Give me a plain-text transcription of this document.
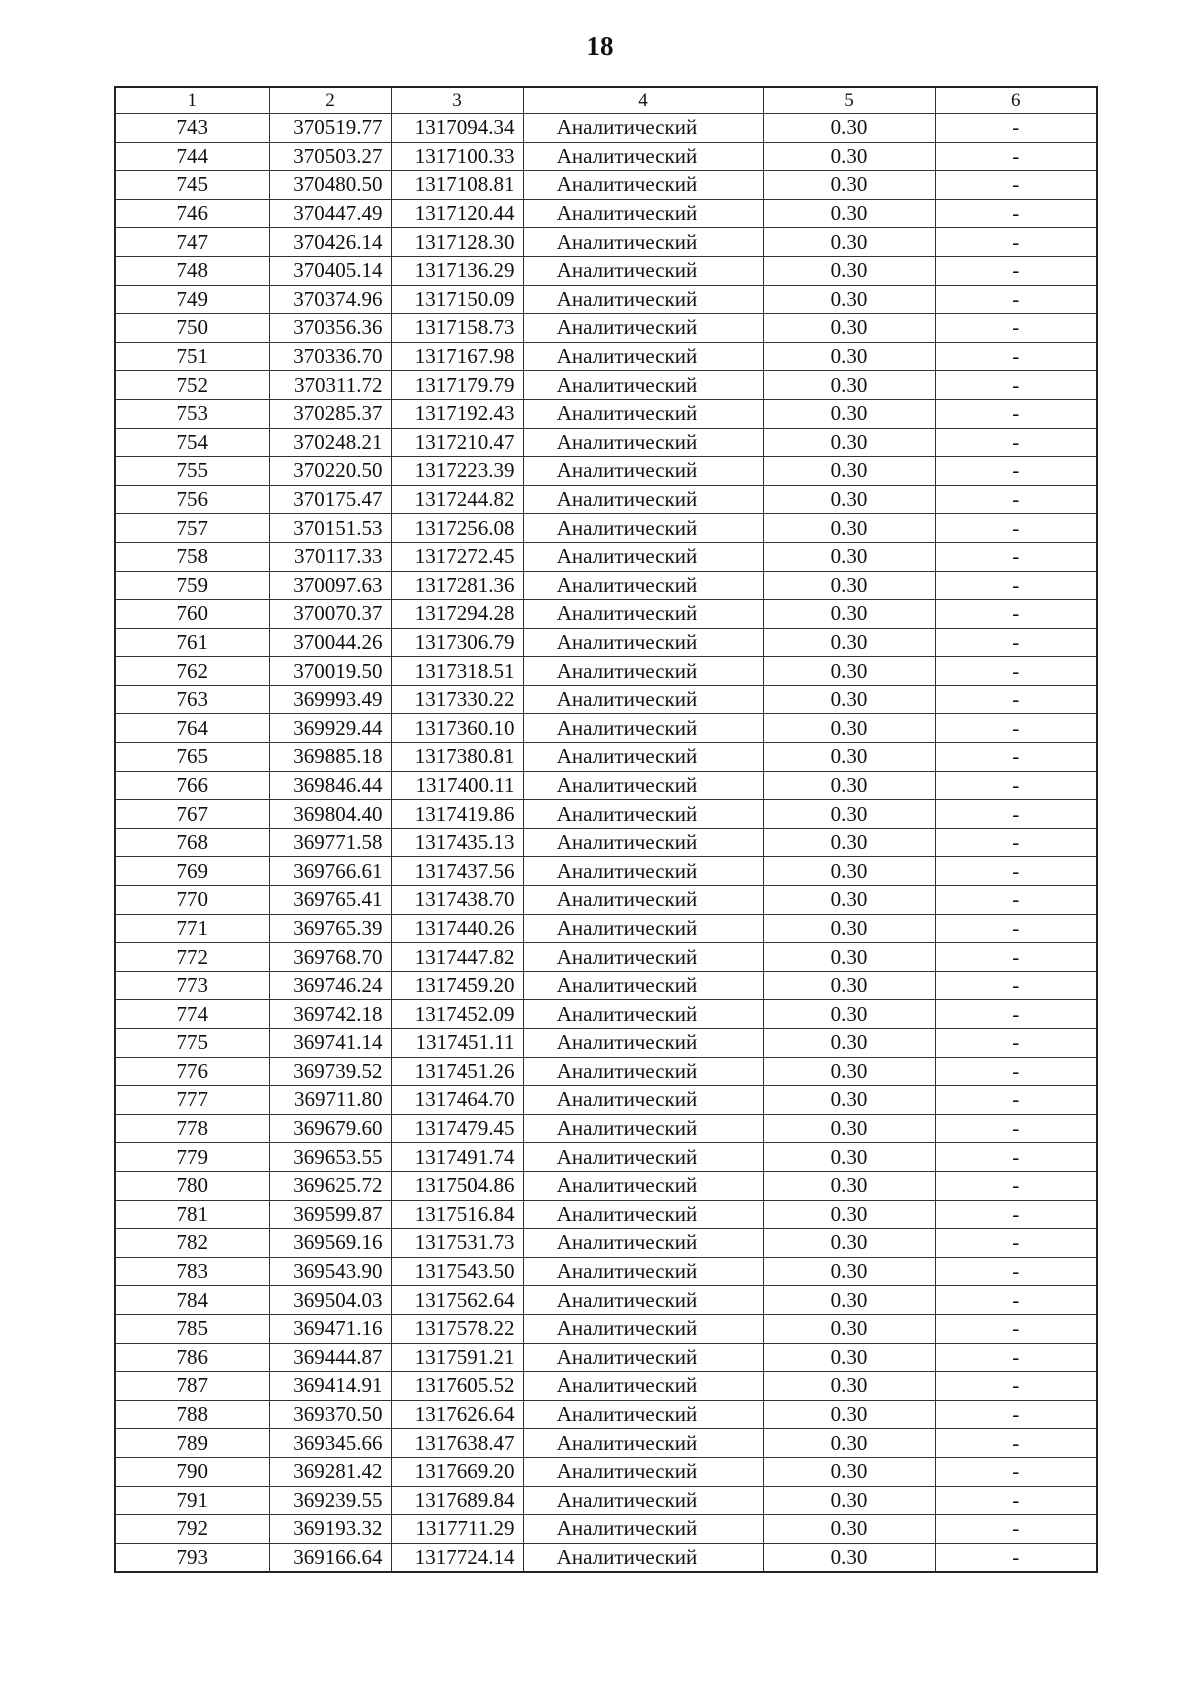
18
1	2	3	4	5	6
743	370519.77	1317094.34	Аналитический	0.30	-
744	370503.27	1317100.33	Аналитический	0.30	-
745	370480.50	1317108.81	Аналитический	0.30	-
746	370447.49	1317120.44	Аналитический	0.30	-
747	370426.14	1317128.30	Аналитический	0.30	-
748	370405.14	1317136.29	Аналитический	0.30	-
749	370374.96	1317150.09	Аналитический	0.30	-
750	370356.36	1317158.73	Аналитический	0.30	-
751	370336.70	1317167.98	Аналитический	0.30	-
752	370311.72	1317179.79	Аналитический	0.30	-
753	370285.37	1317192.43	Аналитический	0.30	-
754	370248.21	1317210.47	Аналитический	0.30	-
755	370220.50	1317223.39	Аналитический	0.30	-
756	370175.47	1317244.82	Аналитический	0.30	-
757	370151.53	1317256.08	Аналитический	0.30	-
758	370117.33	1317272.45	Аналитический	0.30	-
759	370097.63	1317281.36	Аналитический	0.30	-
760	370070.37	1317294.28	Аналитический	0.30	-
761	370044.26	1317306.79	Аналитический	0.30	-
762	370019.50	1317318.51	Аналитический	0.30	-
763	369993.49	1317330.22	Аналитический	0.30	-
764	369929.44	1317360.10	Аналитический	0.30	-
765	369885.18	1317380.81	Аналитический	0.30	-
766	369846.44	1317400.11	Аналитический	0.30	-
767	369804.40	1317419.86	Аналитический	0.30	-
768	369771.58	1317435.13	Аналитический	0.30	-
769	369766.61	1317437.56	Аналитический	0.30	-
770	369765.41	1317438.70	Аналитический	0.30	-
771	369765.39	1317440.26	Аналитический	0.30	-
772	369768.70	1317447.82	Аналитический	0.30	-
773	369746.24	1317459.20	Аналитический	0.30	-
774	369742.18	1317452.09	Аналитический	0.30	-
775	369741.14	1317451.11	Аналитический	0.30	-
776	369739.52	1317451.26	Аналитический	0.30	-
777	369711.80	1317464.70	Аналитический	0.30	-
778	369679.60	1317479.45	Аналитический	0.30	-
779	369653.55	1317491.74	Аналитический	0.30	-
780	369625.72	1317504.86	Аналитический	0.30	-
781	369599.87	1317516.84	Аналитический	0.30	-
782	369569.16	1317531.73	Аналитический	0.30	-
783	369543.90	1317543.50	Аналитический	0.30	-
784	369504.03	1317562.64	Аналитический	0.30	-
785	369471.16	1317578.22	Аналитический	0.30	-
786	369444.87	1317591.21	Аналитический	0.30	-
787	369414.91	1317605.52	Аналитический	0.30	-
788	369370.50	1317626.64	Аналитический	0.30	-
789	369345.66	1317638.47	Аналитический	0.30	-
790	369281.42	1317669.20	Аналитический	0.30	-
791	369239.55	1317689.84	Аналитический	0.30	-
792	369193.32	1317711.29	Аналитический	0.30	-
793	369166.64	1317724.14	Аналитический	0.30	-
